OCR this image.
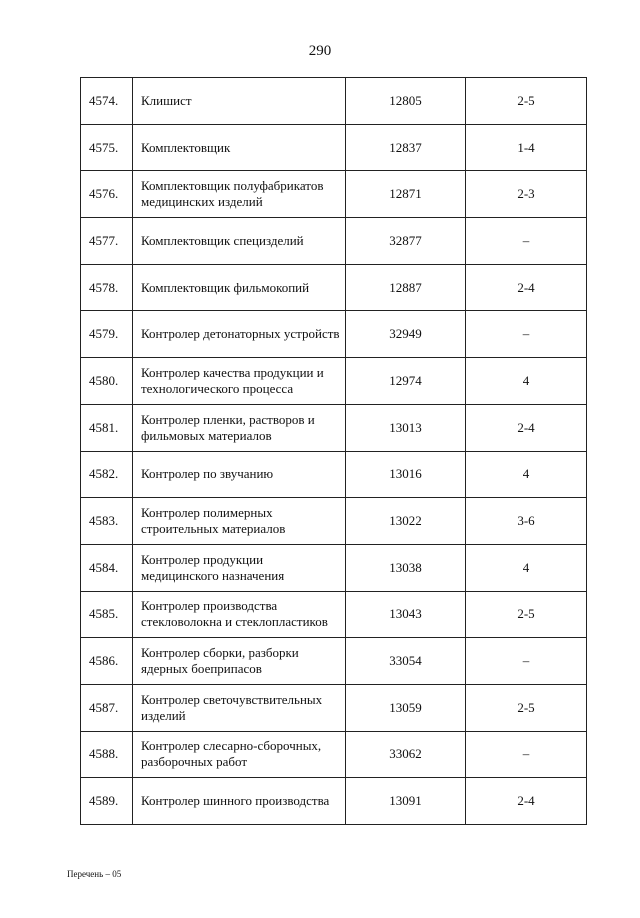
290
4574.	Клишист	12805	2-5
4575.	Комплектовщик	12837	1-4
4576.	Комплектовщик полуфабрикатов медицинских изделий	12871	2-3
4577.	Комплектовщик специзделий	32877	–
4578.	Комплектовщик фильмокопий	12887	2-4
4579.	Контролер детонаторных устройств	32949	–
4580.	Контролер качества продукции и технологического процесса	12974	4
4581.	Контролер пленки, растворов и фильмовых материалов	13013	2-4
4582.	Контролер по звучанию	13016	4
4583.	Контролер полимерных строительных материалов	13022	3-6
4584.	Контролер продукции медицинского назначения	13038	4
4585.	Контролер производства стекловолокна и стеклопластиков	13043	2-5
4586.	Контролер сборки, разборки ядерных боеприпасов	33054	–
4587.	Контролер светочувствительных изделий	13059	2-5
4588.	Контролер слесарно-сборочных, разборочных работ	33062	–
4589.	Контролер шинного производства	13091	2-4
Перечень – 05
